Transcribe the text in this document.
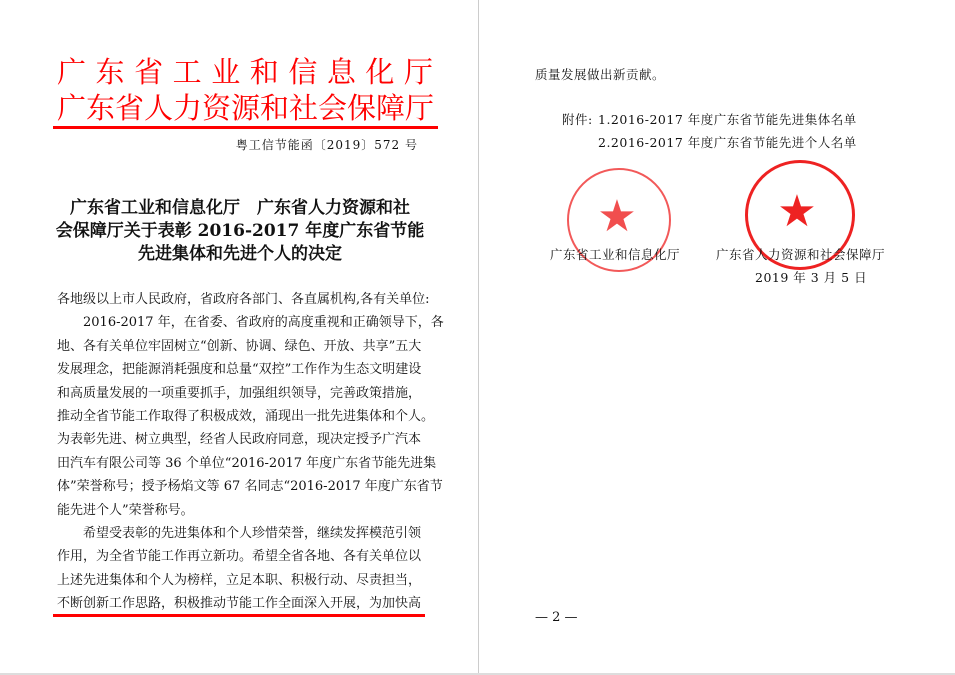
广东省工业和信息化厅
广东省人力资源和社会保障厅
粤工信节能函〔2019〕572 号
广东省工业和信息化厅　广东省人力资源和社
会保障厅关于表彰 2016-2017 年度广东省节能
先进集体和先进个人的决定
各地级以上市人民政府，省政府各部门、各直属机构,各有关单位:
　　2016-2017 年，在省委、省政府的高度重视和正确领导下，各
地、各有关单位牢固树立“创新、协调、绿色、开放、共享”五大
发展理念，把能源消耗强度和总量“双控”工作作为生态文明建设
和高质量发展的一项重要抓手，加强组织领导，完善政策措施，
推动全省节能工作取得了积极成效，涌现出一批先进集体和个人。
为表彰先进、树立典型，经省人民政府同意，现决定授予广汽本
田汽车有限公司等 36 个单位“2016-2017 年度广东省节能先进集
体”荣誉称号；授予杨焰文等 67 名同志“2016-2017 年度广东省节
能先进个人”荣誉称号。
　　希望受表彰的先进集体和个人珍惜荣誉，继续发挥模范引领
作用，为全省节能工作再立新功。希望全省各地、各有关单位以
上述先进集体和个人为榜样，立足本职、积极行动、尽责担当，
不断创新工作思路，积极推动节能工作全面深入开展，为加快高
质量发展做出新贡献。
附件: 1.2016-2017 年度广东省节能先进集体名单
2.2016-2017 年度广东省节能先进个人名单
★	★
广东省工业和信息化厅	广东省人力资源和社会保障厅
2019 年 3 月 5 日
— 2 —
